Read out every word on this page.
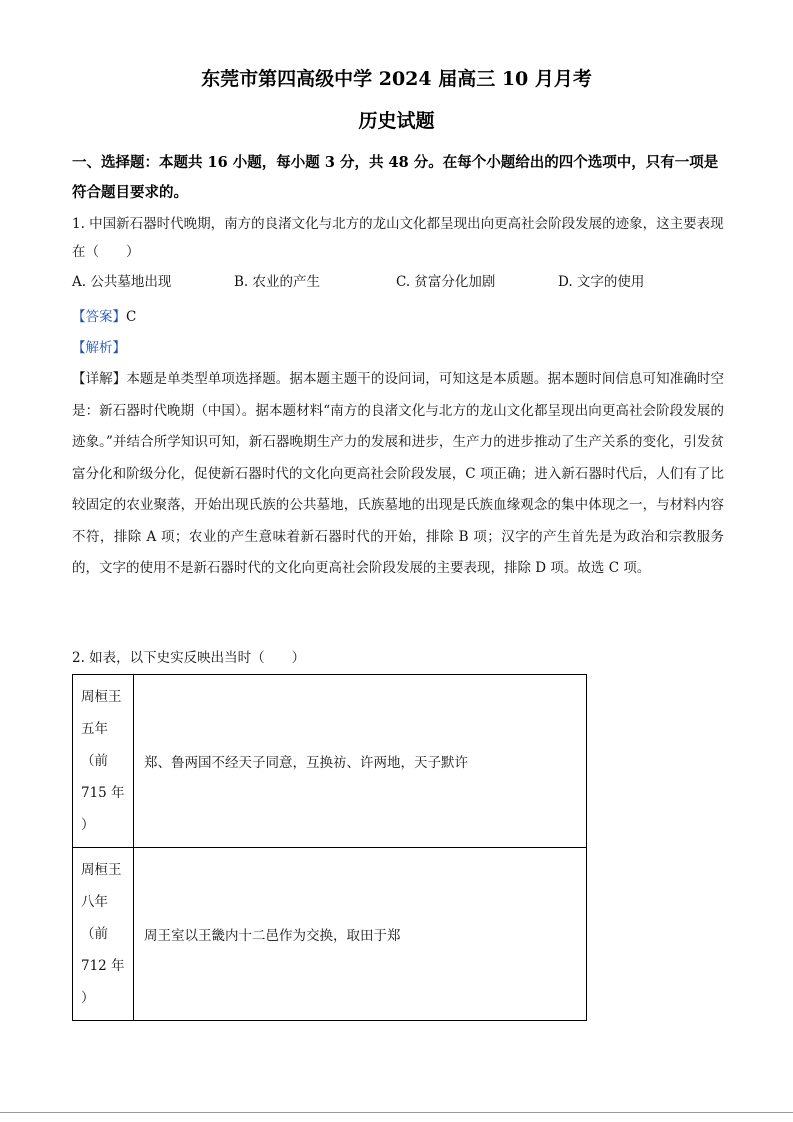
东莞市第四高级中学 2024 届高三 10 月月考
历史试题
一、选择题：本题共 16 小题，每小题 3 分，共 48 分。在每个小题给出的四个选项中，只有一项是符合题目要求的。
1. 中国新石器时代晚期，南方的良渚文化与北方的龙山文化都呈现出向更高社会阶段发展的迹象，这主要表现在（　　）
A. 公共墓地出现	B. 农业的产生	C. 贫富分化加剧	D. 文字的使用
【答案】C
【解析】
【详解】本题是单类型单项选择题。据本题主题干的设问词，可知这是本质题。据本题时间信息可知准确时空是：新石器时代晚期（中国）。据本题材料“南方的良渚文化与北方的龙山文化都呈现出向更高社会阶段发展的迹象。”并结合所学知识可知，新石器晚期生产力的发展和进步，生产力的进步推动了生产关系的变化，引发贫富分化和阶级分化，促使新石器时代的文化向更高社会阶段发展，C 项正确；进入新石器时代后，人们有了比较固定的农业聚落，开始出现氏族的公共墓地，氏族墓地的出现是氏族血缘观念的集中体现之一，与材料内容不符，排除 A 项；农业的产生意味着新石器时代的开始，排除 B 项；汉字的产生首先是为政治和宗教服务的，文字的使用不是新石器时代的文化向更高社会阶段发展的主要表现，排除 D 项。故选 C 项。
2. 如表，以下史实反映出当时（　　）
周桓王
五年
（前
715 年
）	郑、鲁两国不经天子同意，互换祊、许两地，天子默许

周桓王
八年
（前
712 年
）	周王室以王畿内十二邑作为交换，取田于郑
